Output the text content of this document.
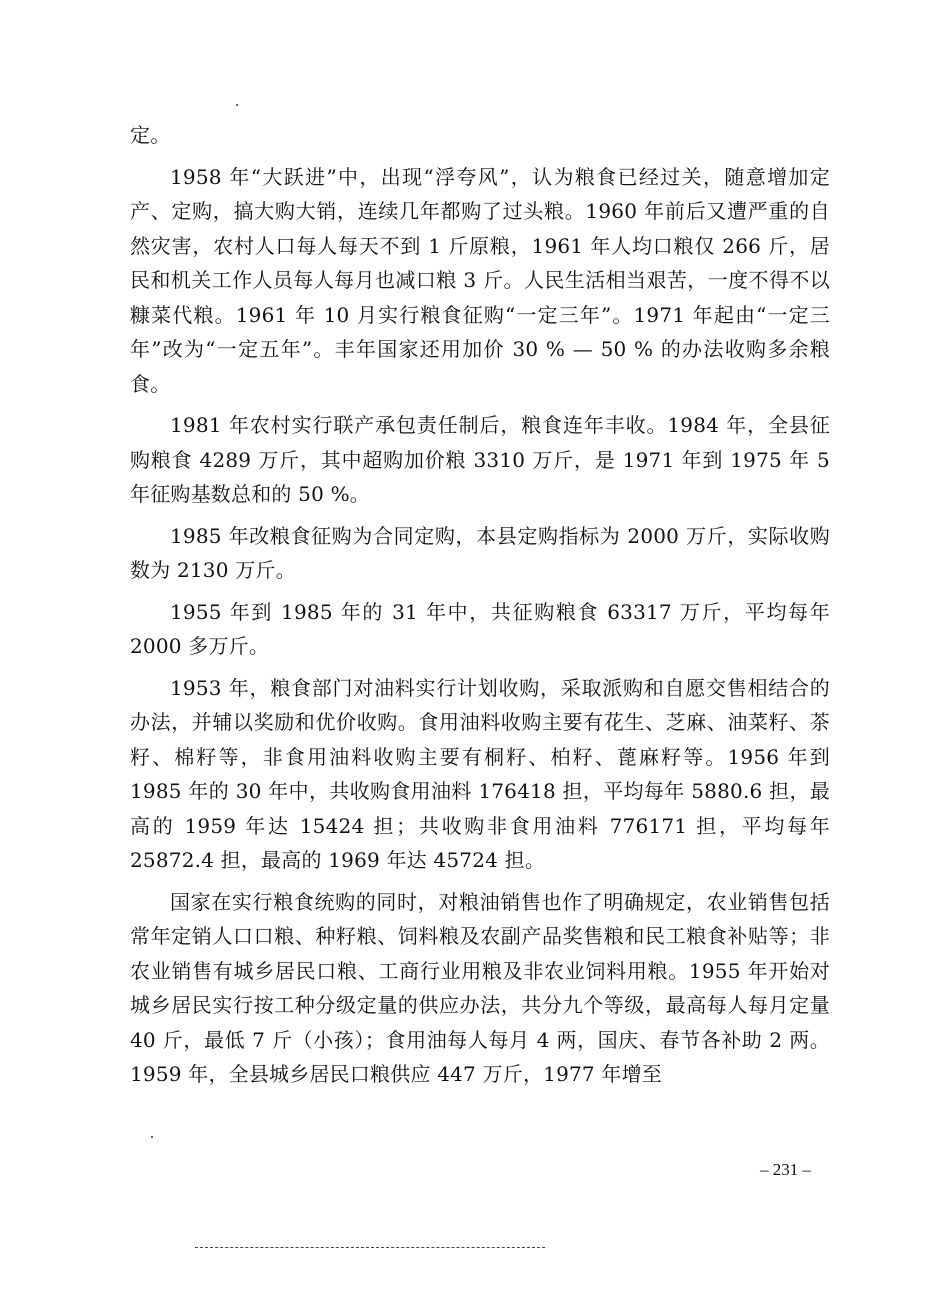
定。

1958 年“大跃进”中，出现“浮夸风”，认为粮食已经过关，随意增加定产、定购，搞大购大销，连续几年都购了过头粮。1960 年前后又遭严重的自然灾害，农村人口每人每天不到 1 斤原粮，1961 年人均口粮仅 266 斤，居民和机关工作人员每人每月也减口粮 3 斤。人民生活相当艰苦，一度不得不以糠菜代粮。1961 年 10 月实行粮食征购“一定三年”。1971 年起由“一定三年”改为“一定五年”。丰年国家还用加价 30 % — 50 % 的办法收购多余粮食。

1981 年农村实行联产承包责任制后，粮食连年丰收。1984 年，全县征购粮食 4289 万斤，其中超购加价粮 3310 万斤，是 1971 年到 1975 年 5 年征购基数总和的 50 %。

1985 年改粮食征购为合同定购，本县定购指标为 2000 万斤，实际收购数为 2130 万斤。

1955 年到 1985 年的 31 年中，共征购粮食 63317 万斤，平均每年 2000 多万斤。

1953 年，粮食部门对油料实行计划收购，采取派购和自愿交售相结合的办法，并辅以奖励和优价收购。食用油料收购主要有花生、芝麻、油菜籽、茶籽、棉籽等，非食用油料收购主要有桐籽、柏籽、蓖麻籽等。1956 年到 1985 年的 30 年中，共收购食用油料 176418 担，平均每年 5880.6 担，最高的 1959 年达 15424 担；共收购非食用油料 776171 担，平均每年 25872.4 担，最高的 1969 年达 45724 担。

国家在实行粮食统购的同时，对粮油销售也作了明确规定，农业销售包括常年定销人口口粮、种籽粮、饲料粮及农副产品奖售粮和民工粮食补贴等；非农业销售有城乡居民口粮、工商行业用粮及非农业饲料用粮。1955 年开始对城乡居民实行按工种分级定量的供应办法，共分九个等级，最高每人每月定量 40 斤，最低 7 斤（小孩）；食用油每人每月 4 两，国庆、春节各补助 2 两。1959 年，全县城乡居民口粮供应 447 万斤，1977 年增至

– 231 –
